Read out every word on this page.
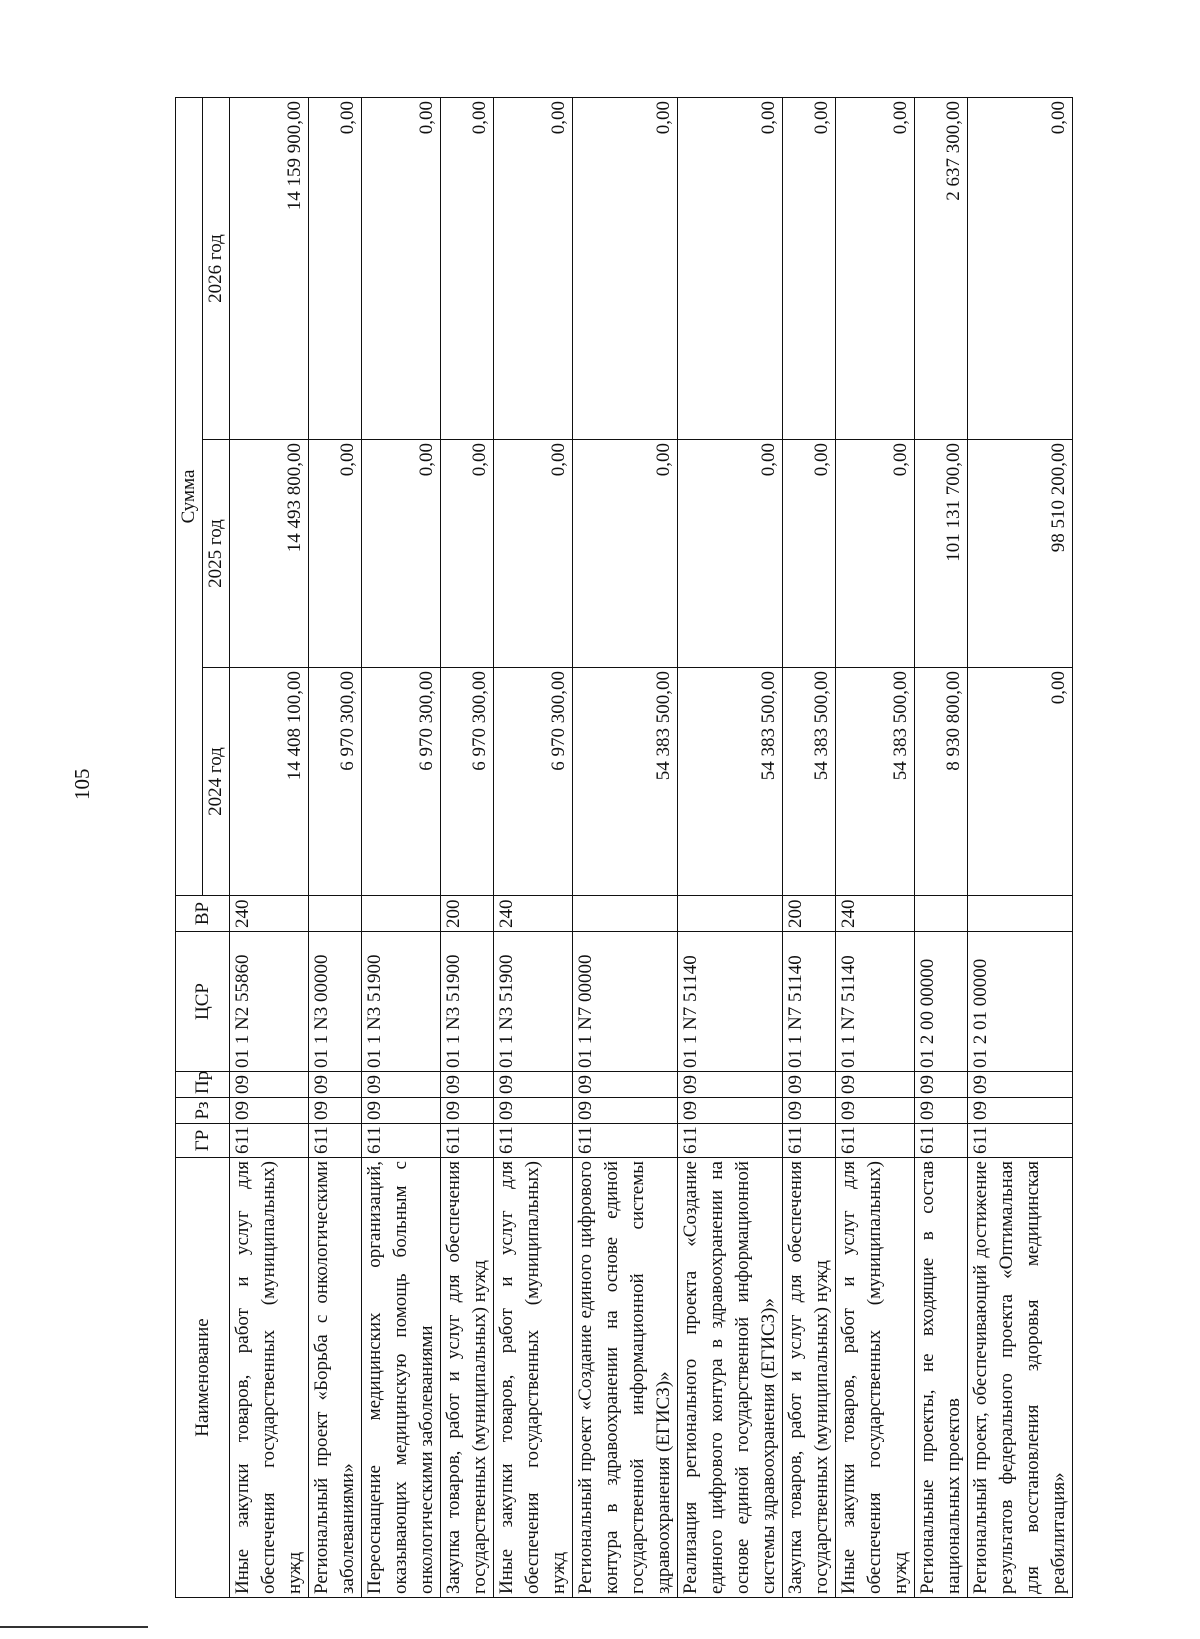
105
Наименование	ГР	Рз	Пр	ЦСР	ВР	Сумма		
						2024 год	2025 год	2026 год
Иные закупки товаров, работ и услуг для обеспечения государственных (муниципальных) нужд	611	09	09	01 1 N2 55860	240	14 408 100,00	14 493 800,00	14 159 900,00
Региональный проект «Борьба с онкологическими заболеваниями»	611	09	09	01 1 N3 00000		6 970 300,00	0,00	0,00
Переоснащение медицинских организаций, оказывающих медицинскую помощь больным с онкологическими заболеваниями	611	09	09	01 1 N3 51900		6 970 300,00	0,00	0,00
Закупка товаров, работ и услуг для обеспечения государственных (муниципальных) нужд	611	09	09	01 1 N3 51900	200	6 970 300,00	0,00	0,00
Иные закупки товаров, работ и услуг для обеспечения государственных (муниципальных) нужд	611	09	09	01 1 N3 51900	240	6 970 300,00	0,00	0,00
Региональный проект «Создание единого цифрового контура в здравоохранении на основе единой государственной информационной системы здравоохранения (ЕГИСЗ)»	611	09	09	01 1 N7 00000		54 383 500,00	0,00	0,00
Реализация регионального проекта «Создание единого цифрового контура в здравоохранении на основе единой государственной информационной системы здравоохранения (ЕГИСЗ)»	611	09	09	01 1 N7 51140		54 383 500,00	0,00	0,00
Закупка товаров, работ и услуг для обеспечения государственных (муниципальных) нужд	611	09	09	01 1 N7 51140	200	54 383 500,00	0,00	0,00
Иные закупки товаров, работ и услуг для обеспечения государственных (муниципальных) нужд	611	09	09	01 1 N7 51140	240	54 383 500,00	0,00	0,00
Региональные проекты, не входящие в состав национальных проектов	611	09	09	01 2 00 00000		8 930 800,00	101 131 700,00	2 637 300,00
Региональный проект, обеспечивающий достижение результатов федерального проекта «Оптимальная для восстановления здоровья медицинская реабилитация»	611	09	09	01 2 01 00000		0,00	98 510 200,00	0,00
